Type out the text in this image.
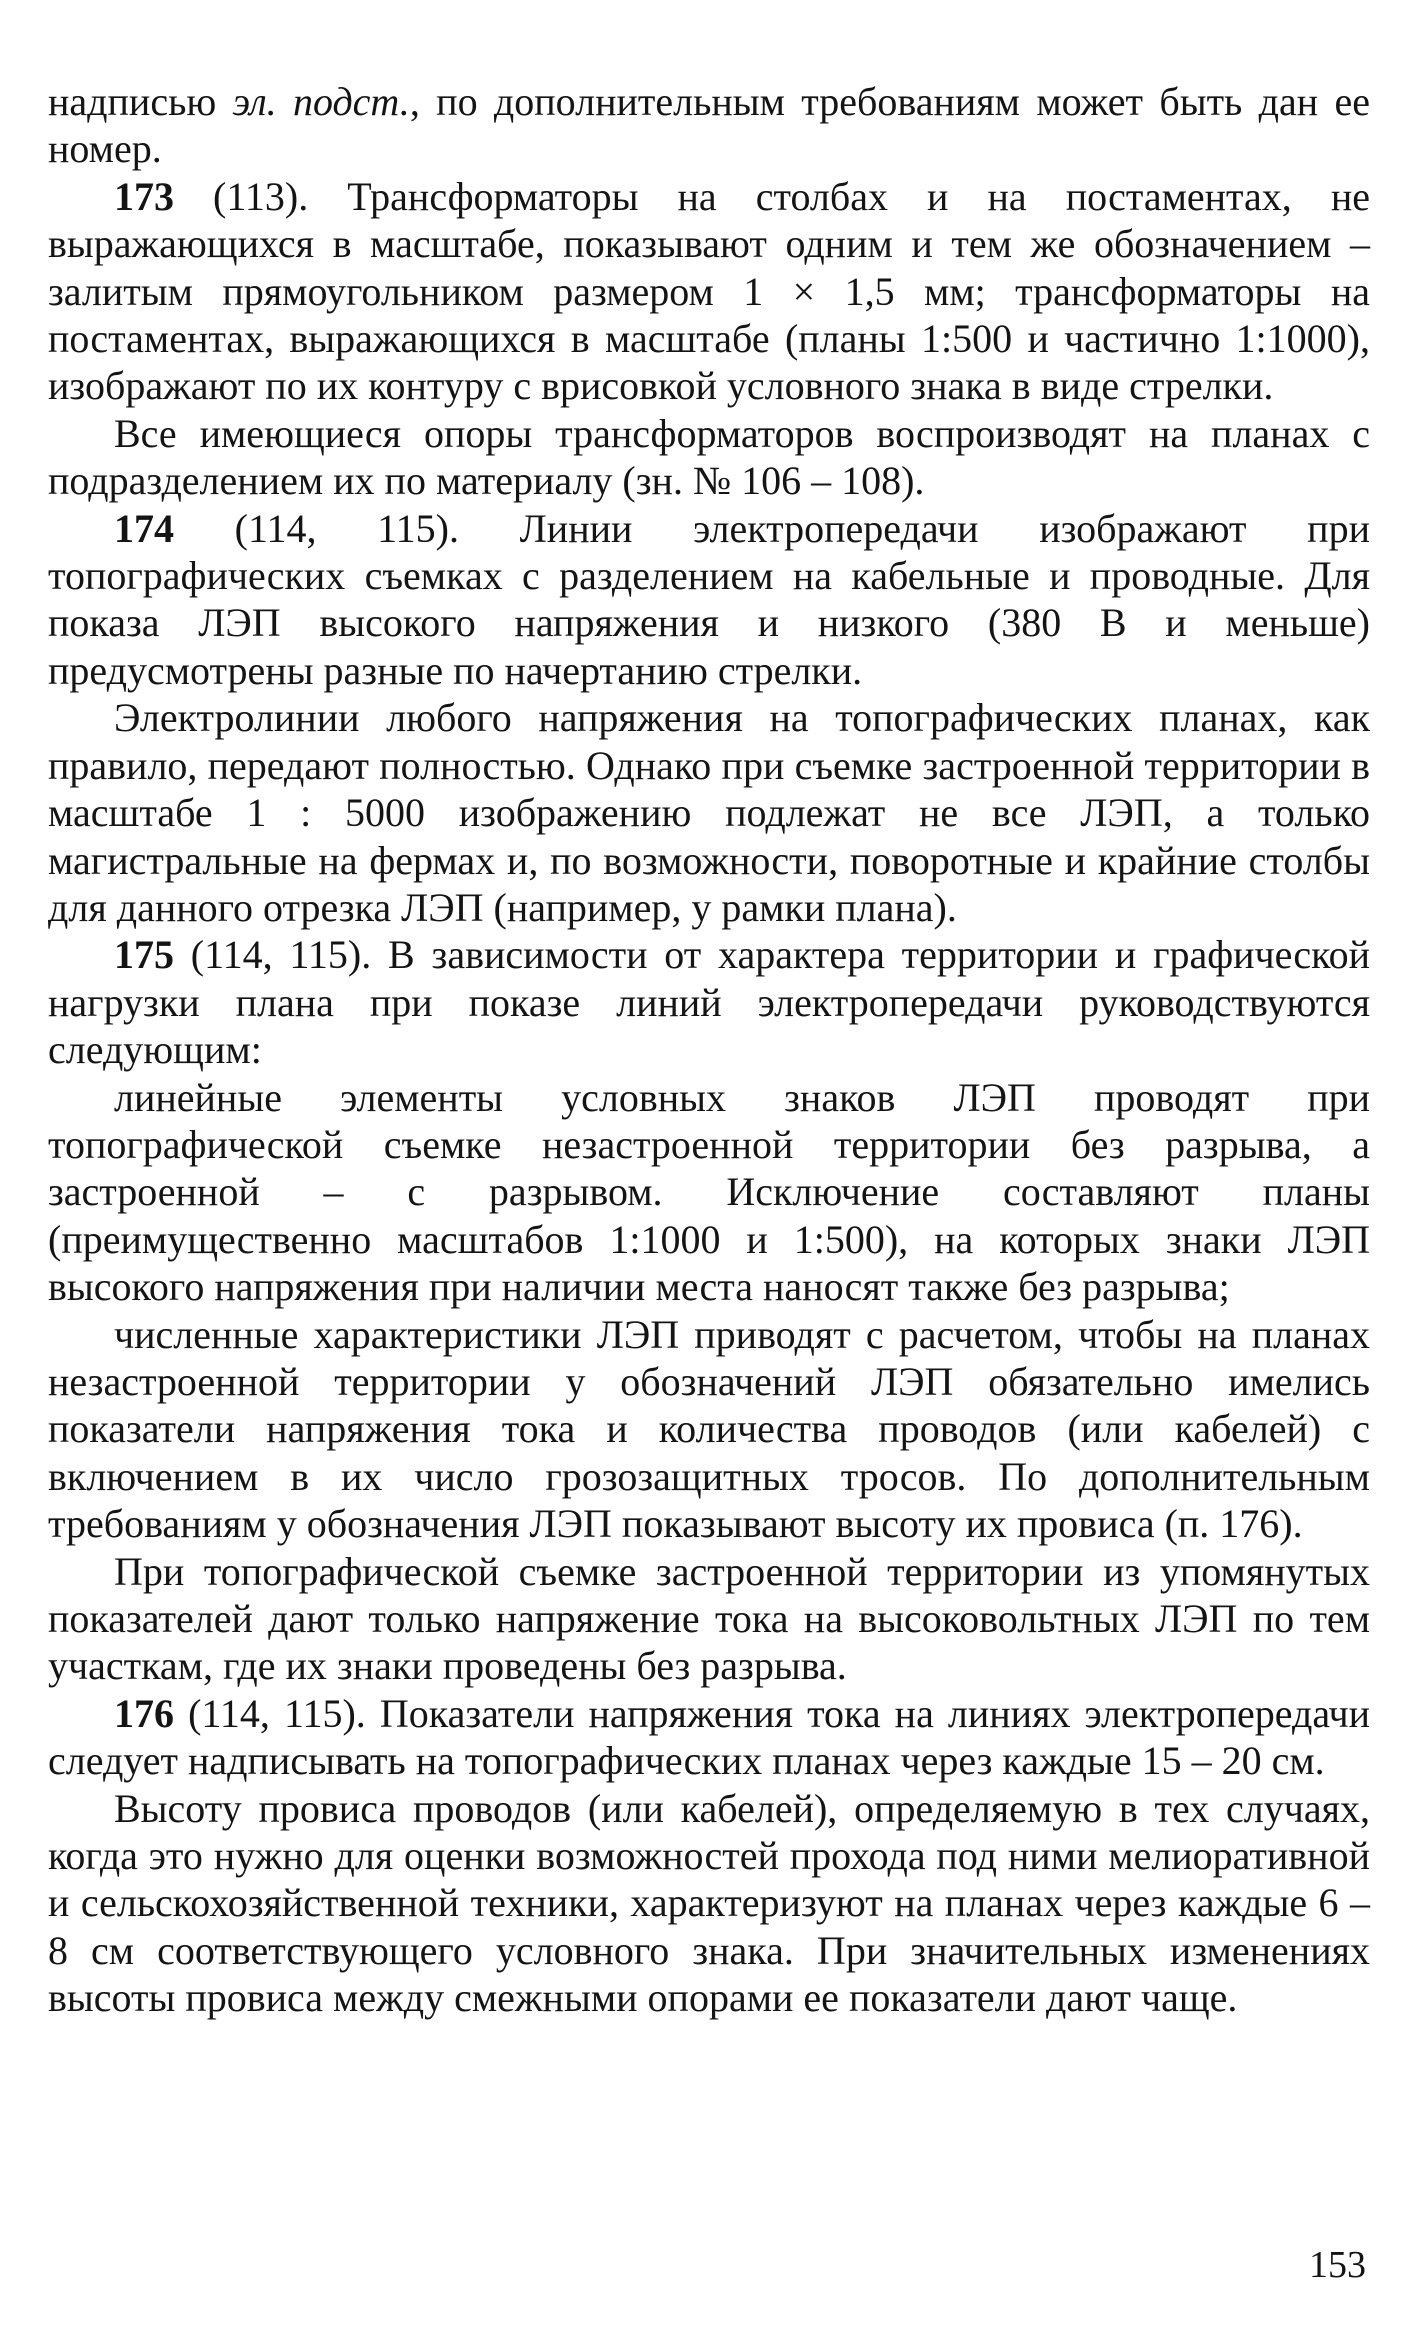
надписью эл. подст., по дополнительным требованиям может быть дан ее номер.

173 (113). Трансформаторы на столбах и на постаментах, не выражающихся в масштабе, показывают одним и тем же обозначением – залитым прямоугольником размером 1 × 1,5 мм; трансформаторы на постаментах, выражающихся в масштабе (планы 1:500 и частично 1:1000), изображают по их контуру с врисовкой условного знака в виде стрелки.

Все имеющиеся опоры трансформаторов воспроизводят на планах с подразделением их по материалу (зн. № 106 – 108).

174 (114, 115). Линии электропередачи изображают при топографических съемках с разделением на кабельные и проводные. Для показа ЛЭП высокого напряжения и низкого (380 В и меньше) предусмотрены разные по начертанию стрелки.

Электролинии любого напряжения на топографических планах, как правило, передают полностью. Однако при съемке застроенной территории в масштабе 1 : 5000 изображению подлежат не все ЛЭП, а только магистральные на фермах и, по возможности, поворотные и крайние столбы для данного отрезка ЛЭП (например, у рамки плана).

175 (114, 115). В зависимости от характера территории и графической нагрузки плана при показе линий электропередачи руководствуются следующим:

линейные элементы условных знаков ЛЭП проводят при топографической съемке незастроенной территории без разрыва, а застроенной – с разрывом. Исключение составляют планы (преимущественно масштабов 1:1000 и 1:500), на которых знаки ЛЭП высокого напряжения при наличии места наносят также без разрыва;

численные характеристики ЛЭП приводят с расчетом, чтобы на планах незастроенной территории у обозначений ЛЭП обязательно имелись показатели напряжения тока и количества проводов (или кабелей) с включением в их число грозозащитных тросов. По дополнительным требованиям у обозначения ЛЭП показывают высоту их провиса (п. 176).

При топографической съемке застроенной территории из упомянутых показателей дают только напряжение тока на высоковольтных ЛЭП по тем участкам, где их знаки проведены без разрыва.

176 (114, 115). Показатели напряжения тока на линиях электропередачи следует надписывать на топографических планах через каждые 15 – 20 см.

Высоту провиса проводов (или кабелей), определяемую в тех случаях, когда это нужно для оценки возможностей прохода под ними мелиоративной и сельскохозяйственной техники, характеризуют на планах через каждые 6 – 8 см соответствующего условного знака. При значительных изменениях высоты провиса между смежными опорами ее показатели дают чаще.

153
